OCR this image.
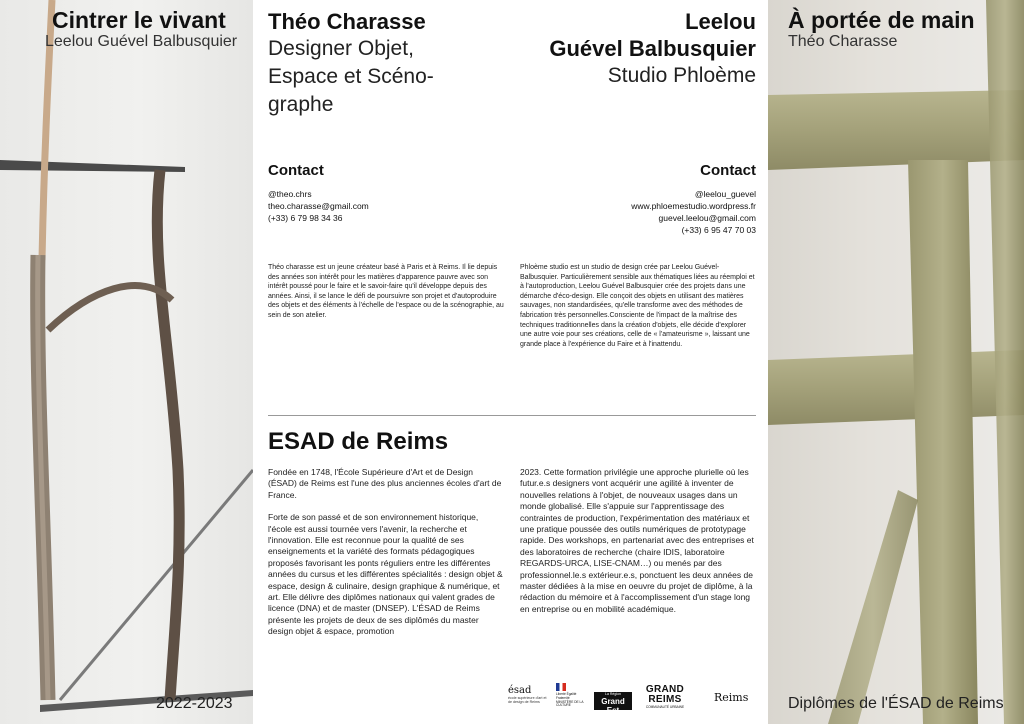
Cintrer le vivant
Leelou Guével Balbusquier
2022-2023
À portée de main
Théo Charasse
Diplômes de l'ÉSAD de Reims
Théo Charasse
Designer Objet,
Espace et Scéno-
graphe
Contact
@theo.chrs
theo.charasse@gmail.com
(+33) 6 79 98 34 36
Théo charasse est un jeune créateur basé à Paris et à Reims. Il lie depuis des années son intérêt pour les matières d'apparence pauvre avec son intérêt poussé pour le faire et le savoir-faire qu'il développe depuis des années. Ainsi, il se lance le défi de poursuivre son projet et d'autoproduire des objets et des éléments à l'échelle de l'espace ou de la scénographie, au sein de son atelier.
Leelou
Guével Balbusquier
Studio Phloème
Contact
@leelou_guevel
www.phloemestudio.wordpress.fr
guevel.leelou@gmail.com
(+33) 6 95 47 70 03
Phloème studio est un studio de design crée par Leelou Guével-Balbusquier. Particulièrement sensible aux thématiques liées au réemploi et à l'autoproduction, Leelou Guével Balbusquier crée des projets dans une démarche d'éco-design. Elle conçoit des objets en utilisant des matières sauvages, non standardisées, qu'elle transforme avec des méthodes de fabrication très personnelles.Consciente de l'impact de la maîtrise des techniques traditionnelles dans la création d'objets, elle décide d'explorer une autre voie pour ses créations, celle de « l'amateurisme », laissant une grande place à l'expérience du Faire et à l'inattendu.
ESAD de Reims

Fondée en 1748, l'École Supérieure d'Art et de Design (ÉSAD) de Reims est l'une des plus anciennes écoles d'art de France.

Forte de son passé et de son environnement historique, l'école est aussi tournée vers l'avenir, la recherche et l'innovation. Elle est reconnue pour la qualité de ses enseignements et la variété des formats pédagogiques proposés favorisant les ponts réguliers entre les différentes années du cursus et les différentes spécialités : design objet & espace, design & culinaire, design graphique & numérique, et art. Elle délivre des diplômes nationaux qui valent grades de licence (DNA) et de master (DNSEP). L'ÉSAD de Reims présente les projets de deux de ses diplômés du master design objet & espace, promotion

2023. Cette formation privilégie une approche plurielle où les futur.e.s designers vont acquérir une agilité à inventer de nouvelles relations à l'objet, de nouveaux usages dans un monde globalisé. Elle s'appuie sur l'apprentissage des contraintes de production, l'expérimentation des matériaux et une pratique poussée des outils numériques de prototypage rapide. Des workshops, en partenariat avec des entreprises et des laboratoires de recherche (chaire IDIS, laboratoire REGARDS-URCA, LISE-CNAM…) ou menés par des professionnel.le.s extérieur.e.s, ponctuent les deux années de master dédiées à la mise en oeuvre du projet de diplôme, à la rédaction du mémoire et à l'accomplissement d'un stage long en entreprise ou en mobilité académique.

ésad
école supérieure d'art et de design de Reims
Liberté Égalité Fraternité MINISTÈRE DE LA CULTURE
La Région
Grand Est
GRAND REIMS
COMMUNAUTÉ URBAINE
Reims
